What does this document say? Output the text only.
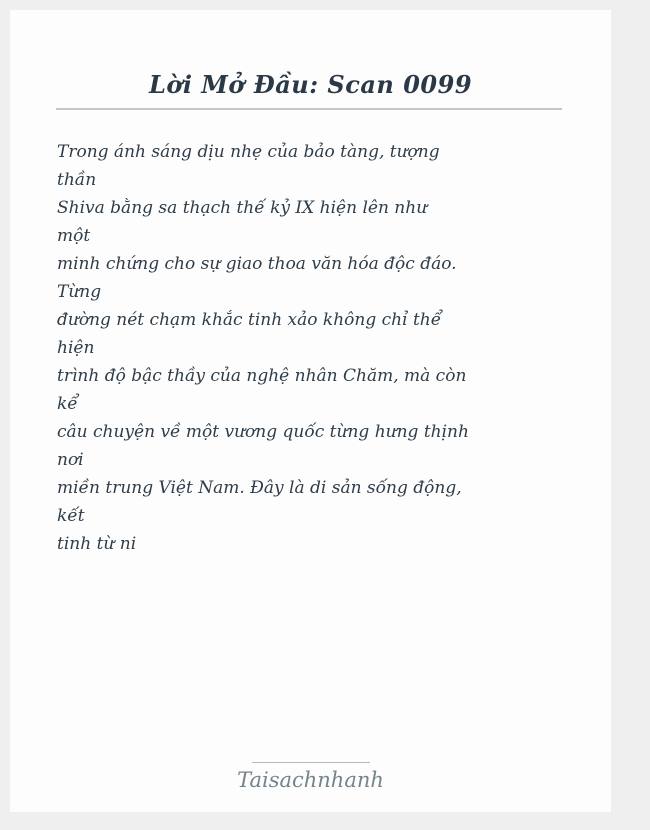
Lời Mở Đầu: Scan 0099
Trong ánh sáng dịu nhẹ của bảo tàng, tượng
thần
Shiva bằng sa thạch thế kỷ IX hiện lên như
một
minh chứng cho sự giao thoa văn hóa độc đáo.
Từng
đường nét chạm khắc tinh xảo không chỉ thể
hiện
trình độ bậc thầy của nghệ nhân Chăm, mà còn
kể
câu chuyện về một vương quốc từng hưng thịnh
nơi
miền trung Việt Nam. Đây là di sản sống động,
kết
tinh từ ni
Taisachnhanh
